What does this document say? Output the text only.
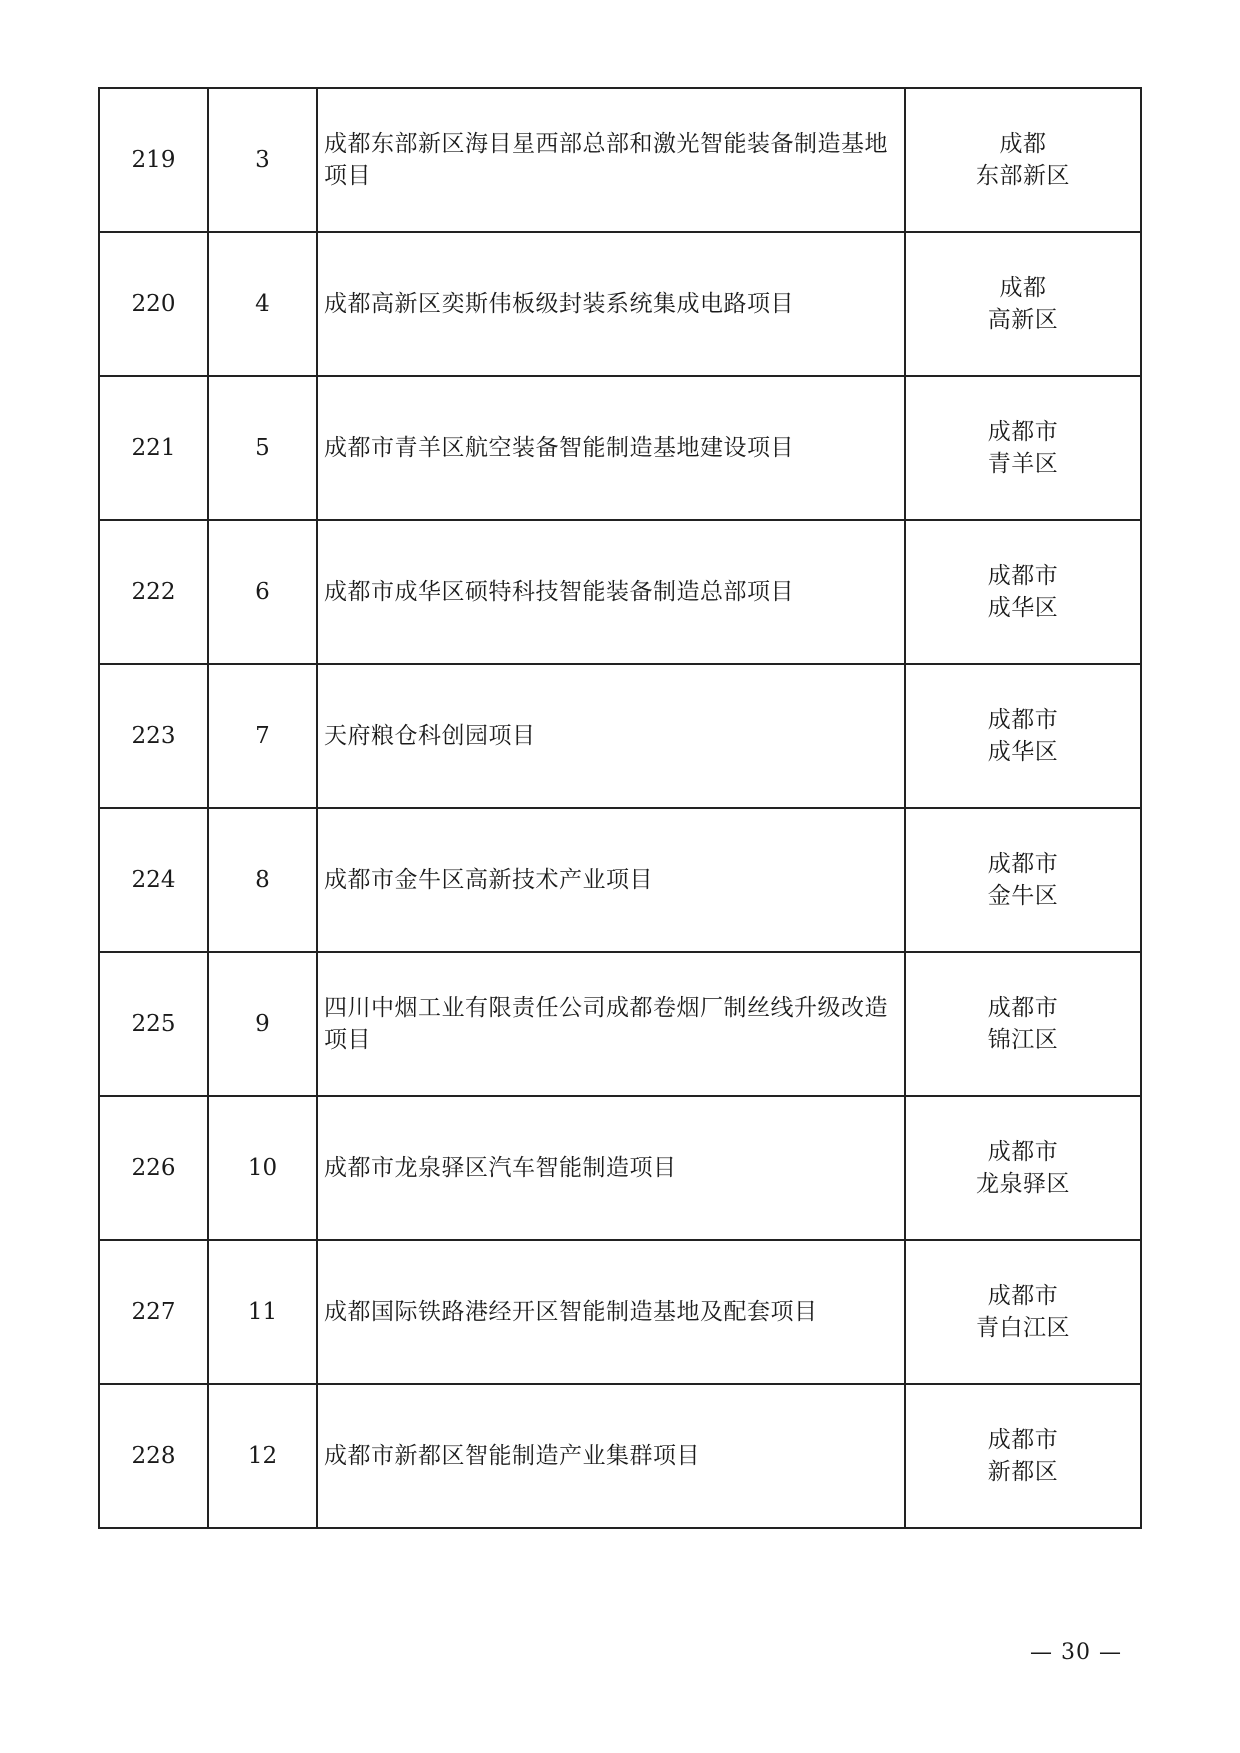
219	3	成都东部新区海目星西部总部和激光智能装备制造基地项目	成都
东部新区

220	4	成都高新区奕斯伟板级封装系统集成电路项目	成都
高新区

221	5	成都市青羊区航空装备智能制造基地建设项目	成都市
青羊区

222	6	成都市成华区硕特科技智能装备制造总部项目	成都市
成华区

223	7	天府粮仓科创园项目	成都市
成华区

224	8	成都市金牛区高新技术产业项目	成都市
金牛区

225	9	四川中烟工业有限责任公司成都卷烟厂制丝线升级改造项目	成都市
锦江区

226	10	成都市龙泉驿区汽车智能制造项目	成都市
龙泉驿区

227	11	成都国际铁路港经开区智能制造基地及配套项目	成都市
青白江区

228	12	成都市新都区智能制造产业集群项目	成都市
新都区
— 30 —
